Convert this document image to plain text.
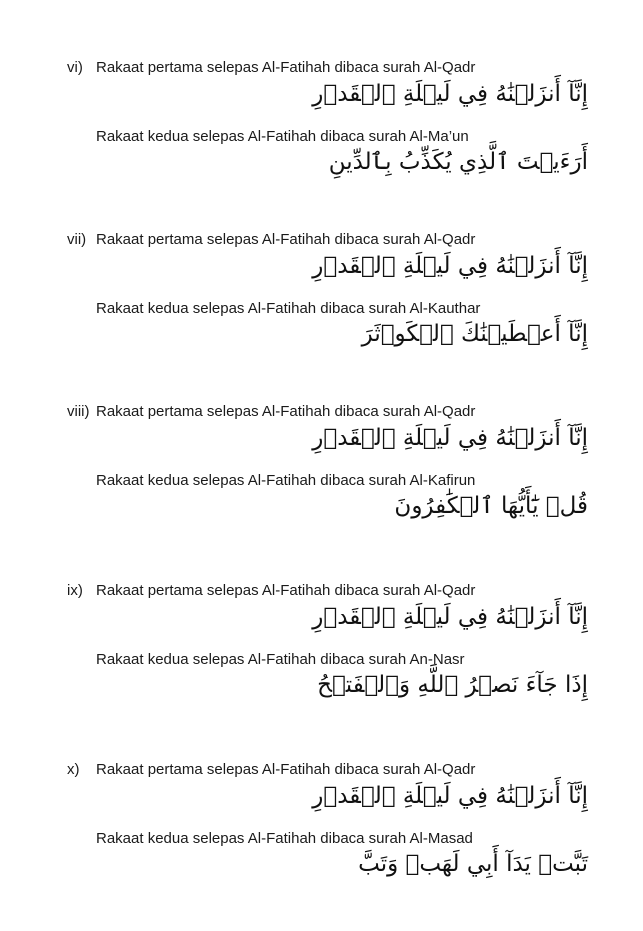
vi) Rakaat pertama selepas Al-Fatihah dibaca surah Al-Qadr
إِنَّآ أَنزَلۡنَٰهُ فِي لَيۡلَةِ ٱلۡقَدۡرِ
Rakaat kedua selepas Al-Fatihah dibaca surah Al-Ma’un
أَرَءَيۡتَ ٱلَّذِي يُكَذِّبُ بِٱلدِّينِ
vii) Rakaat pertama selepas Al-Fatihah dibaca surah Al-Qadr
إِنَّآ أَنزَلۡنَٰهُ فِي لَيۡلَةِ ٱلۡقَدۡرِ
Rakaat kedua selepas Al-Fatihah dibaca surah Al-Kauthar
إِنَّآ أَعۡطَيۡنَٰكَ ٱلۡكَوۡثَرَ
viii) Rakaat pertama selepas Al-Fatihah dibaca surah Al-Qadr
إِنَّآ أَنزَلۡنَٰهُ فِي لَيۡلَةِ ٱلۡقَدۡرِ
Rakaat kedua selepas Al-Fatihah dibaca surah Al-Kafirun
قُلۡ يَٰٓأَيُّهَا ٱلۡكَٰفِرُونَ
ix) Rakaat pertama selepas Al-Fatihah dibaca surah Al-Qadr
إِنَّآ أَنزَلۡنَٰهُ فِي لَيۡلَةِ ٱلۡقَدۡرِ
Rakaat kedua selepas Al-Fatihah dibaca surah An-Nasr
إِذَا جَآءَ نَصۡرُ ٱللَّهِ وَٱلۡفَتۡحُ
x) Rakaat pertama selepas Al-Fatihah dibaca surah Al-Qadr
إِنَّآ أَنزَلۡنَٰهُ فِي لَيۡلَةِ ٱلۡقَدۡرِ
Rakaat kedua selepas Al-Fatihah dibaca surah Al-Masad
تَبَّتۡ يَدَآ أَبِي لَهَبٖ وَتَبَّ
